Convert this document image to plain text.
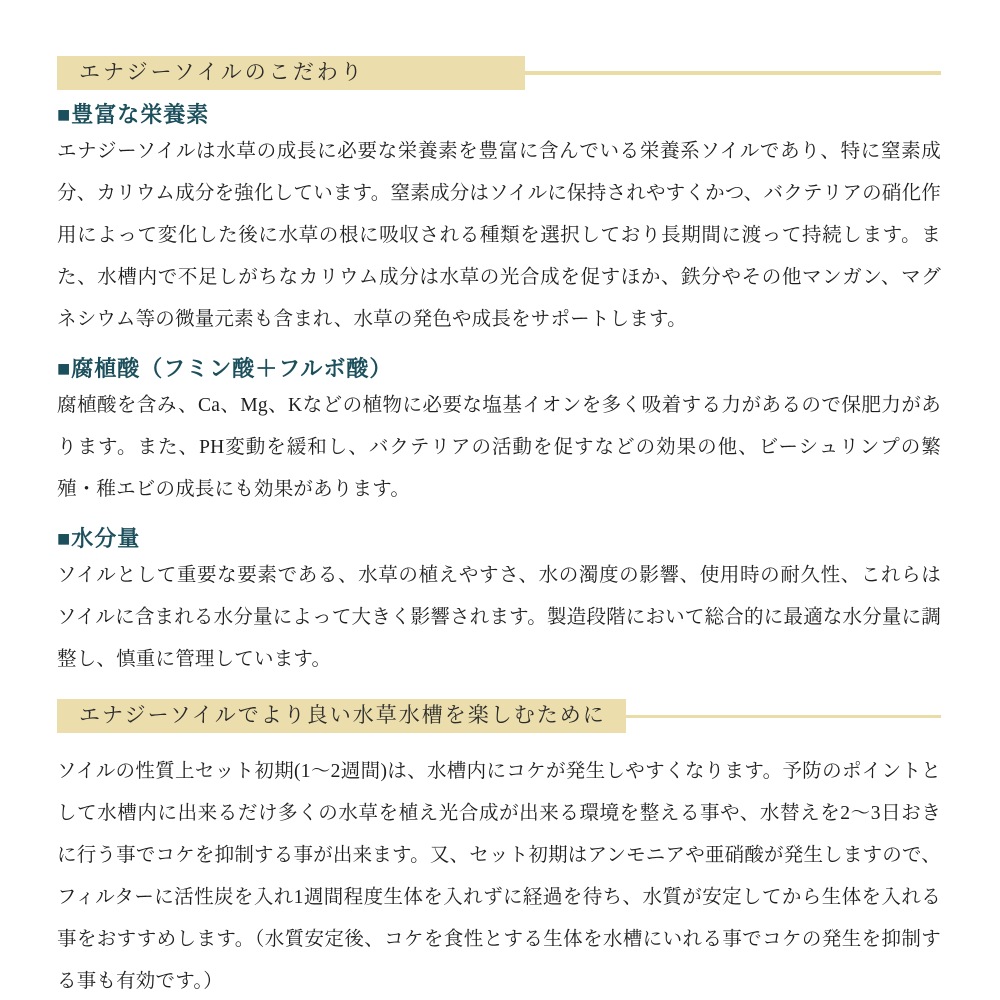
エナジーソイルのこだわり
■豊富な栄養素

エナジーソイルは水草の成長に必要な栄養素を豊富に含んでいる栄養系ソイルであり、特に窒素成分、カリウム成分を強化しています。窒素成分はソイルに保持されやすくかつ、バクテリアの硝化作用によって変化した後に水草の根に吸収される種類を選択しており長期間に渡って持続します。また、水槽内で不足しがちなカリウム成分は水草の光合成を促すほか、鉄分やその他マンガン、マグネシウム等の微量元素も含まれ、水草の発色や成長をサポートします。

■腐植酸（フミン酸＋フルボ酸）

腐植酸を含み、Ca、Mg、Kなどの植物に必要な塩基イオンを多く吸着する力があるので保肥力があります。また、PH変動を緩和し、バクテリアの活動を促すなどの効果の他、ビーシュリンプの繁殖・稚エビの成長にも効果があります。

■水分量

ソイルとして重要な要素である、水草の植えやすさ、水の濁度の影響、使用時の耐久性、これらはソイルに含まれる水分量によって大きく影響されます。製造段階において総合的に最適な水分量に調整し、慎重に管理しています。

エナジーソイルでより良い水草水槽を楽しむために

ソイルの性質上セット初期(1～2週間)は、水槽内にコケが発生しやすくなります。予防のポイントとして水槽内に出来るだけ多くの水草を植え光合成が出来る環境を整える事や、水替えを2～3日おきに行う事でコケを抑制する事が出来ます。又、セット初期はアンモニアや亜硝酸が発生しますので、フィルターに活性炭を入れ1週間程度生体を入れずに経過を待ち、水質が安定してから生体を入れる事をおすすめします。（水質安定後、コケを食性とする生体を水槽にいれる事でコケの発生を抑制する事も有効です。）
